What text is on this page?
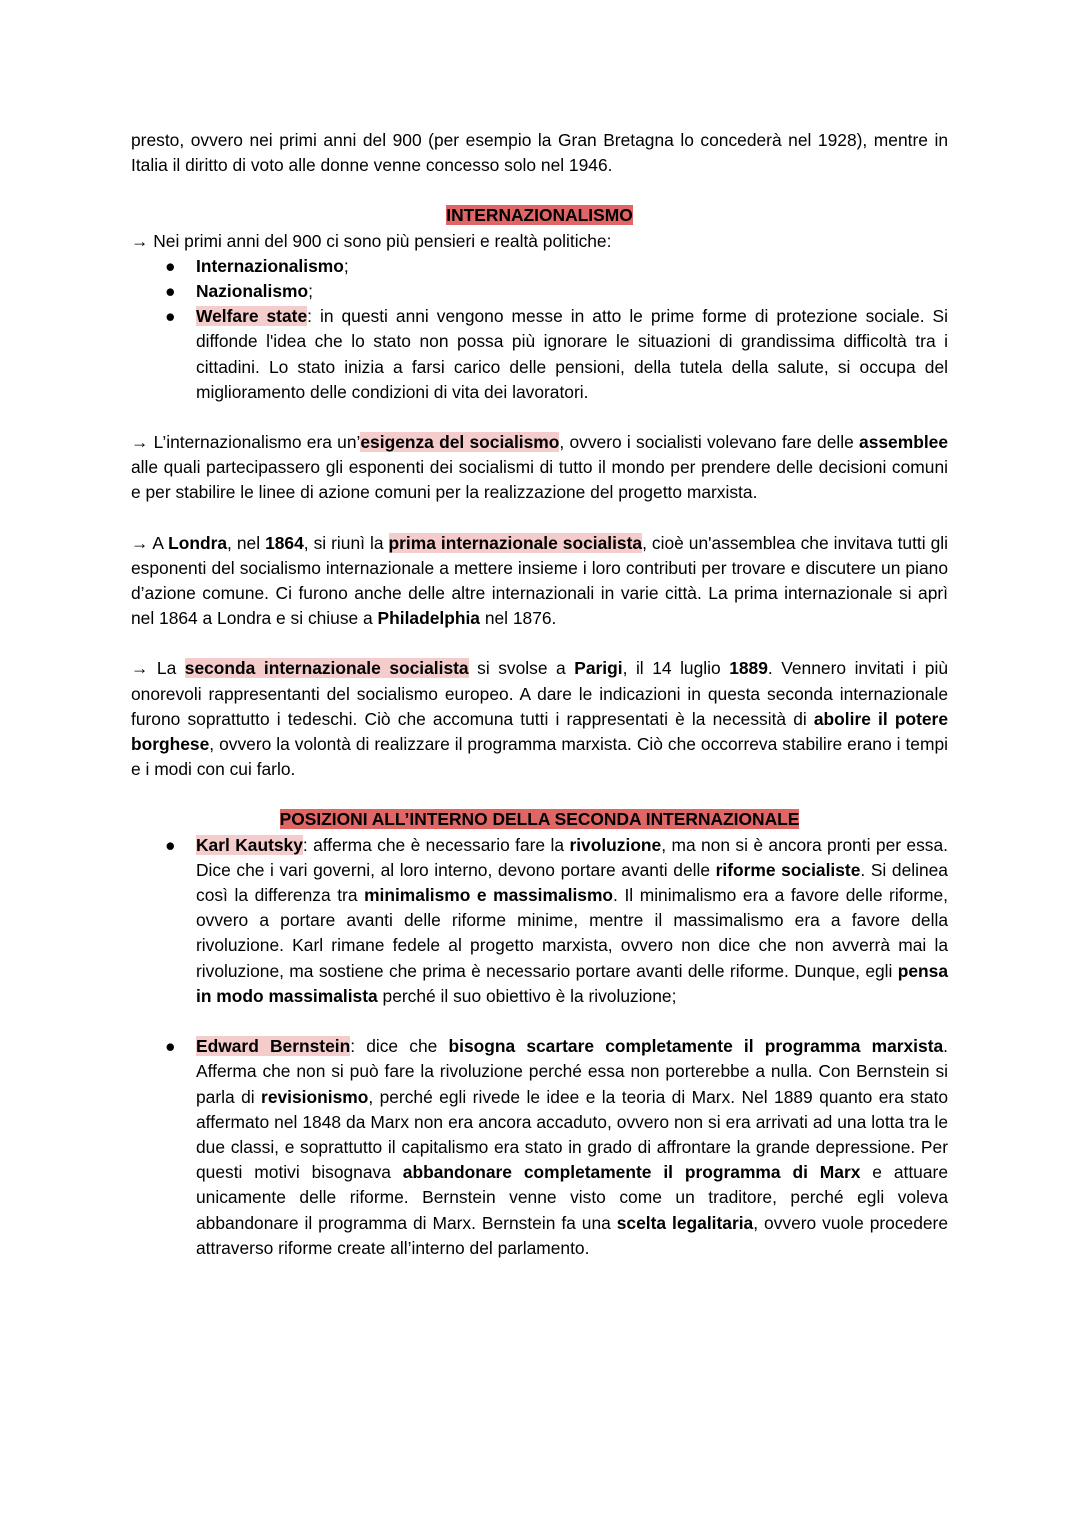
presto, ovvero nei primi anni del 900 (per esempio la Gran Bretagna lo concederà nel 1928), mentre in Italia il diritto di voto alle donne venne concesso solo nel 1946.

INTERNAZIONALISMO

→ Nei primi anni del 900 ci sono più pensieri e realtà politiche:

● Internazionalismo;
● Nazionalismo;
● Welfare state: in questi anni vengono messe in atto le prime forme di protezione sociale. Si diffonde l'idea che lo stato non possa più ignorare le situazioni di grandissima difficoltà tra i cittadini. Lo stato inizia a farsi carico delle pensioni, della tutela della salute, si occupa del miglioramento delle condizioni di vita dei lavoratori.

→ L’internazionalismo era un’esigenza del socialismo, ovvero i socialisti volevano fare delle assemblee alle quali partecipassero gli esponenti dei socialismi di tutto il mondo per prendere delle decisioni comuni e per stabilire le linee di azione comuni per la realizzazione del progetto marxista.

→ A Londra, nel 1864, si riunì la prima internazionale socialista, cioè un'assemblea che invitava tutti gli esponenti del socialismo internazionale a mettere insieme i loro contributi per trovare e discutere un piano d’azione comune. Ci furono anche delle altre internazionali in varie città. La prima internazionale si aprì nel 1864 a Londra e si chiuse a Philadelphia nel 1876.

→ La seconda internazionale socialista si svolse a Parigi, il 14 luglio 1889. Vennero invitati i più onorevoli rappresentanti del socialismo europeo. A dare le indicazioni in questa seconda internazionale furono soprattutto i tedeschi. Ciò che accomuna tutti i rappresentati è la necessità di abolire il potere borghese, ovvero la volontà di realizzare il programma marxista. Ciò che occorreva stabilire erano i tempi e i modi con cui farlo.

POSIZIONI ALL’INTERNO DELLA SECONDA INTERNAZIONALE

● Karl Kautsky: afferma che è necessario fare la rivoluzione, ma non si è ancora pronti per essa. Dice che i vari governi, al loro interno, devono portare avanti delle riforme socialiste. Si delinea così la differenza tra minimalismo e massimalismo. Il minimalismo era a favore delle riforme, ovvero a portare avanti delle riforme minime, mentre il massimalismo era a favore della rivoluzione. Karl rimane fedele al progetto marxista, ovvero non dice che non avverrà mai la rivoluzione, ma sostiene che prima è necessario portare avanti delle riforme. Dunque, egli pensa in modo massimalista perché il suo obiettivo è la rivoluzione;
● Edward Bernstein: dice che bisogna scartare completamente il programma marxista. Afferma che non si può fare la rivoluzione perché essa non porterebbe a nulla. Con Bernstein si parla di revisionismo, perché egli rivede le idee e la teoria di Marx. Nel 1889 quanto era stato affermato nel 1848 da Marx non era ancora accaduto, ovvero non si era arrivati ad una lotta tra le due classi, e soprattutto il capitalismo era stato in grado di affrontare la grande depressione. Per questi motivi bisognava abbandonare completamente il programma di Marx e attuare unicamente delle riforme. Bernstein venne visto come un traditore, perché egli voleva abbandonare il programma di Marx. Bernstein fa una scelta legalitaria, ovvero vuole procedere attraverso riforme create all’interno del parlamento.
